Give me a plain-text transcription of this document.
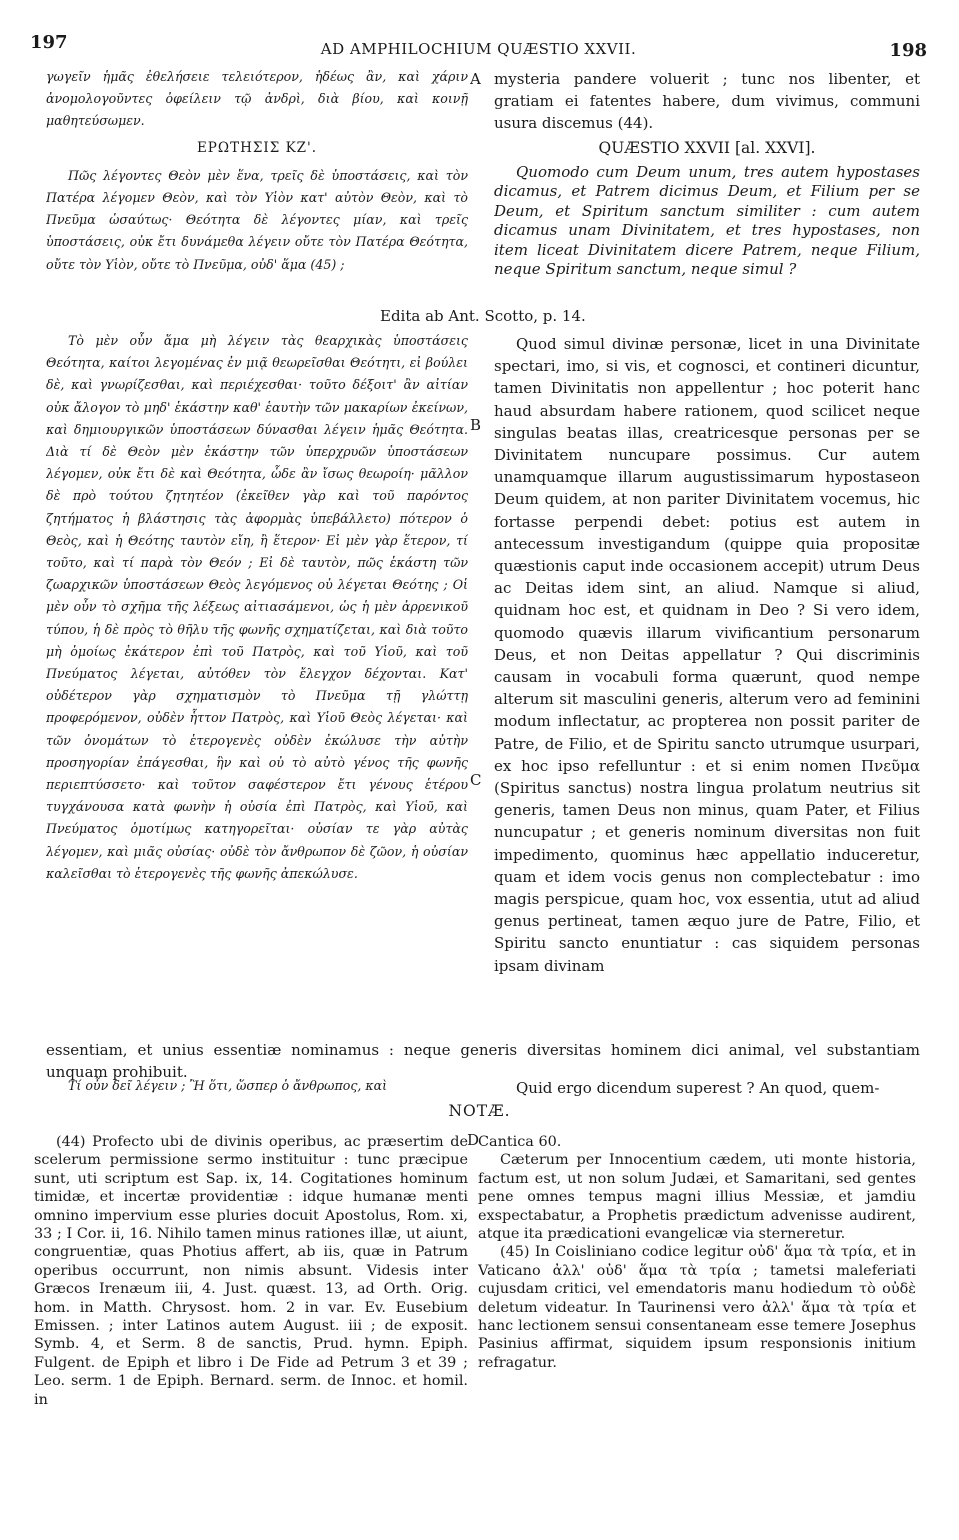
197	AD AMPHILOCHIUM QUÆSTIO XXVII.	198

γωγεῖν ἡμᾶς ἐθελήσειε τελειότερον, ἡδέως ἂν, καὶ χάριν ἀνομολογοῦντες ὀφείλειν τῷ ἀνδρὶ, διὰ βίου, καὶ κοινῇ μαθητεύσωμεν.

ΕΡΩΤΗΣΙΣ ΚΖ'.

Πῶς λέγοντες Θεὸν μὲν ἕνα, τρεῖς δὲ ὑποστάσεις, καὶ τὸν Πατέρα λέγομεν Θεὸν, καὶ τὸν Υἱὸν κατ' αὐτὸν Θεὸν, καὶ τὸ Πνεῦμα ὡσαύτως· Θεότητα δὲ λέγοντες μίαν, καὶ τρεῖς ὑποστάσεις, οὐκ ἔτι δυνάμεθα λέγειν οὔτε τὸν Πατέρα Θεότητα, οὔτε τὸν Υἱὸν, οὔτε τὸ Πνεῦμα, οὐδ' ἅμα (45) ;

mysteria pandere voluerit ; tunc nos libenter, et gratiam ei fatentes habere, dum vivimus, communi usura discemus (44).

QUÆSTIO XXVII [al. XXVI].

Quomodo cum Deum unum, tres autem hypostases dicamus, et Patrem dicimus Deum, et Filium per se Deum, et Spiritum sanctum similiter : cum autem dicamus unam Divinitatem, et tres hypostases, non item liceat Divinitatem dicere Patrem, neque Filium, neque Spiritum sanctum, neque simul ?

Edita ab Ant. Scotto, p. 14.
A
B
C
D

Τὸ μὲν οὖν ἅμα μὴ λέγειν τὰς θεαρχικὰς ὑποστάσεις Θεότητα, καίτοι λεγομένας ἐν μιᾷ θεωρεῖσθαι Θεότητι, εἰ βούλει δὲ, καὶ γνωρίζεσθαι, καὶ περιέχεσθαι· τοῦτο δέξοιτ' ἂν αἰτίαν οὐκ ἄλογον τὸ μηδ' ἑκάστην καθ' ἑαυτὴν τῶν μακαρίων ἐκείνων, καὶ δημιουργικῶν ὑποστάσεων δύνασθαι λέγειν ἡμᾶς Θεότητα. Διὰ τί δὲ Θεὸν μὲν ἑκάστην τῶν ὑπερχρυῶν ὑποστάσεων λέγομεν, οὐκ ἔτι δὲ καὶ Θεότητα, ὧδε ἂν ἴσως θεωροίη· μᾶλλον δὲ πρὸ τούτου ζητητέον (ἐκεῖθεν γὰρ καὶ τοῦ παρόντος ζητήματος ἡ βλάστησις τὰς ἀφορμὰς ὑπεβάλλετο) πότερον ὁ Θεὸς, καὶ ἡ Θεότης ταυτὸν εἴη, ἢ ἕτερον· Εἰ μὲν γὰρ ἕτερον, τί τοῦτο, καὶ τί παρὰ τὸν Θεόν ; Εἰ δὲ ταυτὸν, πῶς ἑκάστη τῶν ζωαρχικῶν ὑποστάσεων Θεὸς λεγόμενος οὐ λέγεται Θεότης ; Οἱ μὲν οὖν τὸ σχῆμα τῆς λέξεως αἰτιασάμενοι, ὡς ἡ μὲν ἀρρενικοῦ τύπου, ἡ δὲ πρὸς τὸ θῆλυ τῆς φωνῆς σχηματίζεται, καὶ διὰ τοῦτο μὴ ὁμοίως ἑκάτερον ἐπὶ τοῦ Πατρὸς, καὶ τοῦ Υἱοῦ, καὶ τοῦ Πνεύματος λέγεται, αὐτόθεν τὸν ἔλεγχον δέχονται. Κατ' οὐδέτερον γὰρ σχηματισμὸν τὸ Πνεῦμα τῇ γλώττῃ προφερόμενον, οὐδὲν ἧττον Πατρὸς, καὶ Υἱοῦ Θεὸς λέγεται· καὶ τῶν ὀνομάτων τὸ ἑτερογενὲς οὐδὲν ἐκώλυσε τὴν αὐτὴν προσηγορίαν ἐπάγεσθαι, ἣν καὶ οὐ τὸ αὐτὸ γένος τῆς φωνῆς περιεπτύσσετο· καὶ τοῦτον σαφέστερον ἔτι γένους ἑτέρου τυγχάνουσα κατὰ φωνὴν ἡ οὐσία ἐπὶ Πατρὸς, καὶ Υἱοῦ, καὶ Πνεύματος ὁμοτίμως κατηγορεῖται· οὐσίαν τε γὰρ αὐτὰς λέγομεν, καὶ μιᾶς οὐσίας· οὐδὲ τὸν ἄνθρωπον δὲ ζῶον, ἡ οὐσίαν καλεῖσθαι τὸ ἑτερογενὲς τῆς φωνῆς ἀπεκώλυσε.

Quod simul divinæ personæ, licet in una Divinitate spectari, imo, si vis, et cognosci, et contineri dicuntur, tamen Divinitatis non appellentur ; hoc poterit hanc haud absurdam habere rationem, quod scilicet neque singulas beatas illas, creatricesque personas per se Divinitatem nuncupare possimus. Cur autem unamquamque illarum augustissimarum hypostaseon Deum quidem, at non pariter Divinitatem vocemus, hic fortasse perpendi debet: potius est autem in antecessum investigandum (quippe quia propositæ quæstionis caput inde occasionem accepit) utrum Deus ac Deitas idem sint, an aliud. Namque si aliud, quidnam hoc est, et quidnam in Deo ? Si vero idem, quomodo quævis illarum vivificantium personarum Deus, et non Deitas appellatur ? Qui discriminis causam in vocabuli forma quærunt, quod nempe alterum sit masculini generis, alterum vero ad feminini modum inflectatur, ac propterea non possit pariter de Patre, de Filio, et de Spiritu sancto utrumque usurpari, ex hoc ipso refelluntur : et si enim nomen Πνεῦμα (Spiritus sanctus) nostra lingua prolatum neutrius sit generis, tamen Deus non minus, quam Pater, et Filius nuncupatur ; et generis nominum diversitas non fuit impedimento, quominus hæc appellatio induceretur, quam et idem vocis genus non complectebatur : imo magis perspicue, quam hoc, vox essentia, utut ad aliud genus pertineat, tamen æquo jure de Patre, Filio, et Spiritu sancto enuntiatur : cas siquidem personas ipsam divinam

essentiam, et unius essentiæ nominamus : neque generis diversitas hominem dici animal, vel substantiam unquam prohibuit.

Τί οὖν δεῖ λέγειν ; Ἢ ὅτι, ὥσπερ ὁ ἄνθρωπος, καὶ	Quid ergo dicendum superest ? An quod, quem-

NOTÆ.

(44) Profecto ubi de divinis operibus, ac præsertim de scelerum permissione sermo instituitur : tunc præcipue sunt, uti scriptum est Sap. ix, 14. Cogitationes hominum timidæ, et incertæ providentiæ : idque humanæ menti omnino impervium esse pluries docuit Apostolus, Rom. xi, 33 ; I Cor. ii, 16. Nihilo tamen minus rationes illæ, ut aiunt, congruentiæ, quas Photius affert, ab iis, quæ in Patrum operibus occurrunt, non nimis absunt. Videsis inter Græcos Irenæum iii, 4. Just. quæst. 13, ad Orth. Orig. hom. in Matth. Chrysost. hom. 2 in var. Ev. Eusebium Emissen. ; inter Latinos autem August. iii ; de exposit. Symb. 4, et Serm. 8 de sanctis, Prud. hymn. Epiph. Fulgent. de Epiph et libro i De Fide ad Petrum 3 et 39 ; Leo. serm. 1 de Epiph. Bernard. serm. de Innoc. et homil. in

Cantica 60.

Cæterum per Innocentium cædem, uti monte historia, factum est, ut non solum Judæi, et Samaritani, sed gentes pene omnes tempus magni illius Messiæ, et jamdiu exspectabatur, a Prophetis prædictum advenisse audirent, atque ita prædicationi evangelicæ via sterneretur.

(45) In Coisliniano codice legitur οὐδ' ἅμα τὰ τρία, et in Vaticano ἀλλ' οὐδ' ἅμα τὰ τρία ; tametsi maleferiati cujusdam critici, vel emendatoris manu hodiedum τὸ οὐδὲ deletum videatur. In Taurinensi vero ἀλλ' ἅμα τὰ τρία et hanc lectionem sensui consentaneam esse temere Josephus Pasinius affirmat, siquidem ipsum responsionis initium refragatur.
